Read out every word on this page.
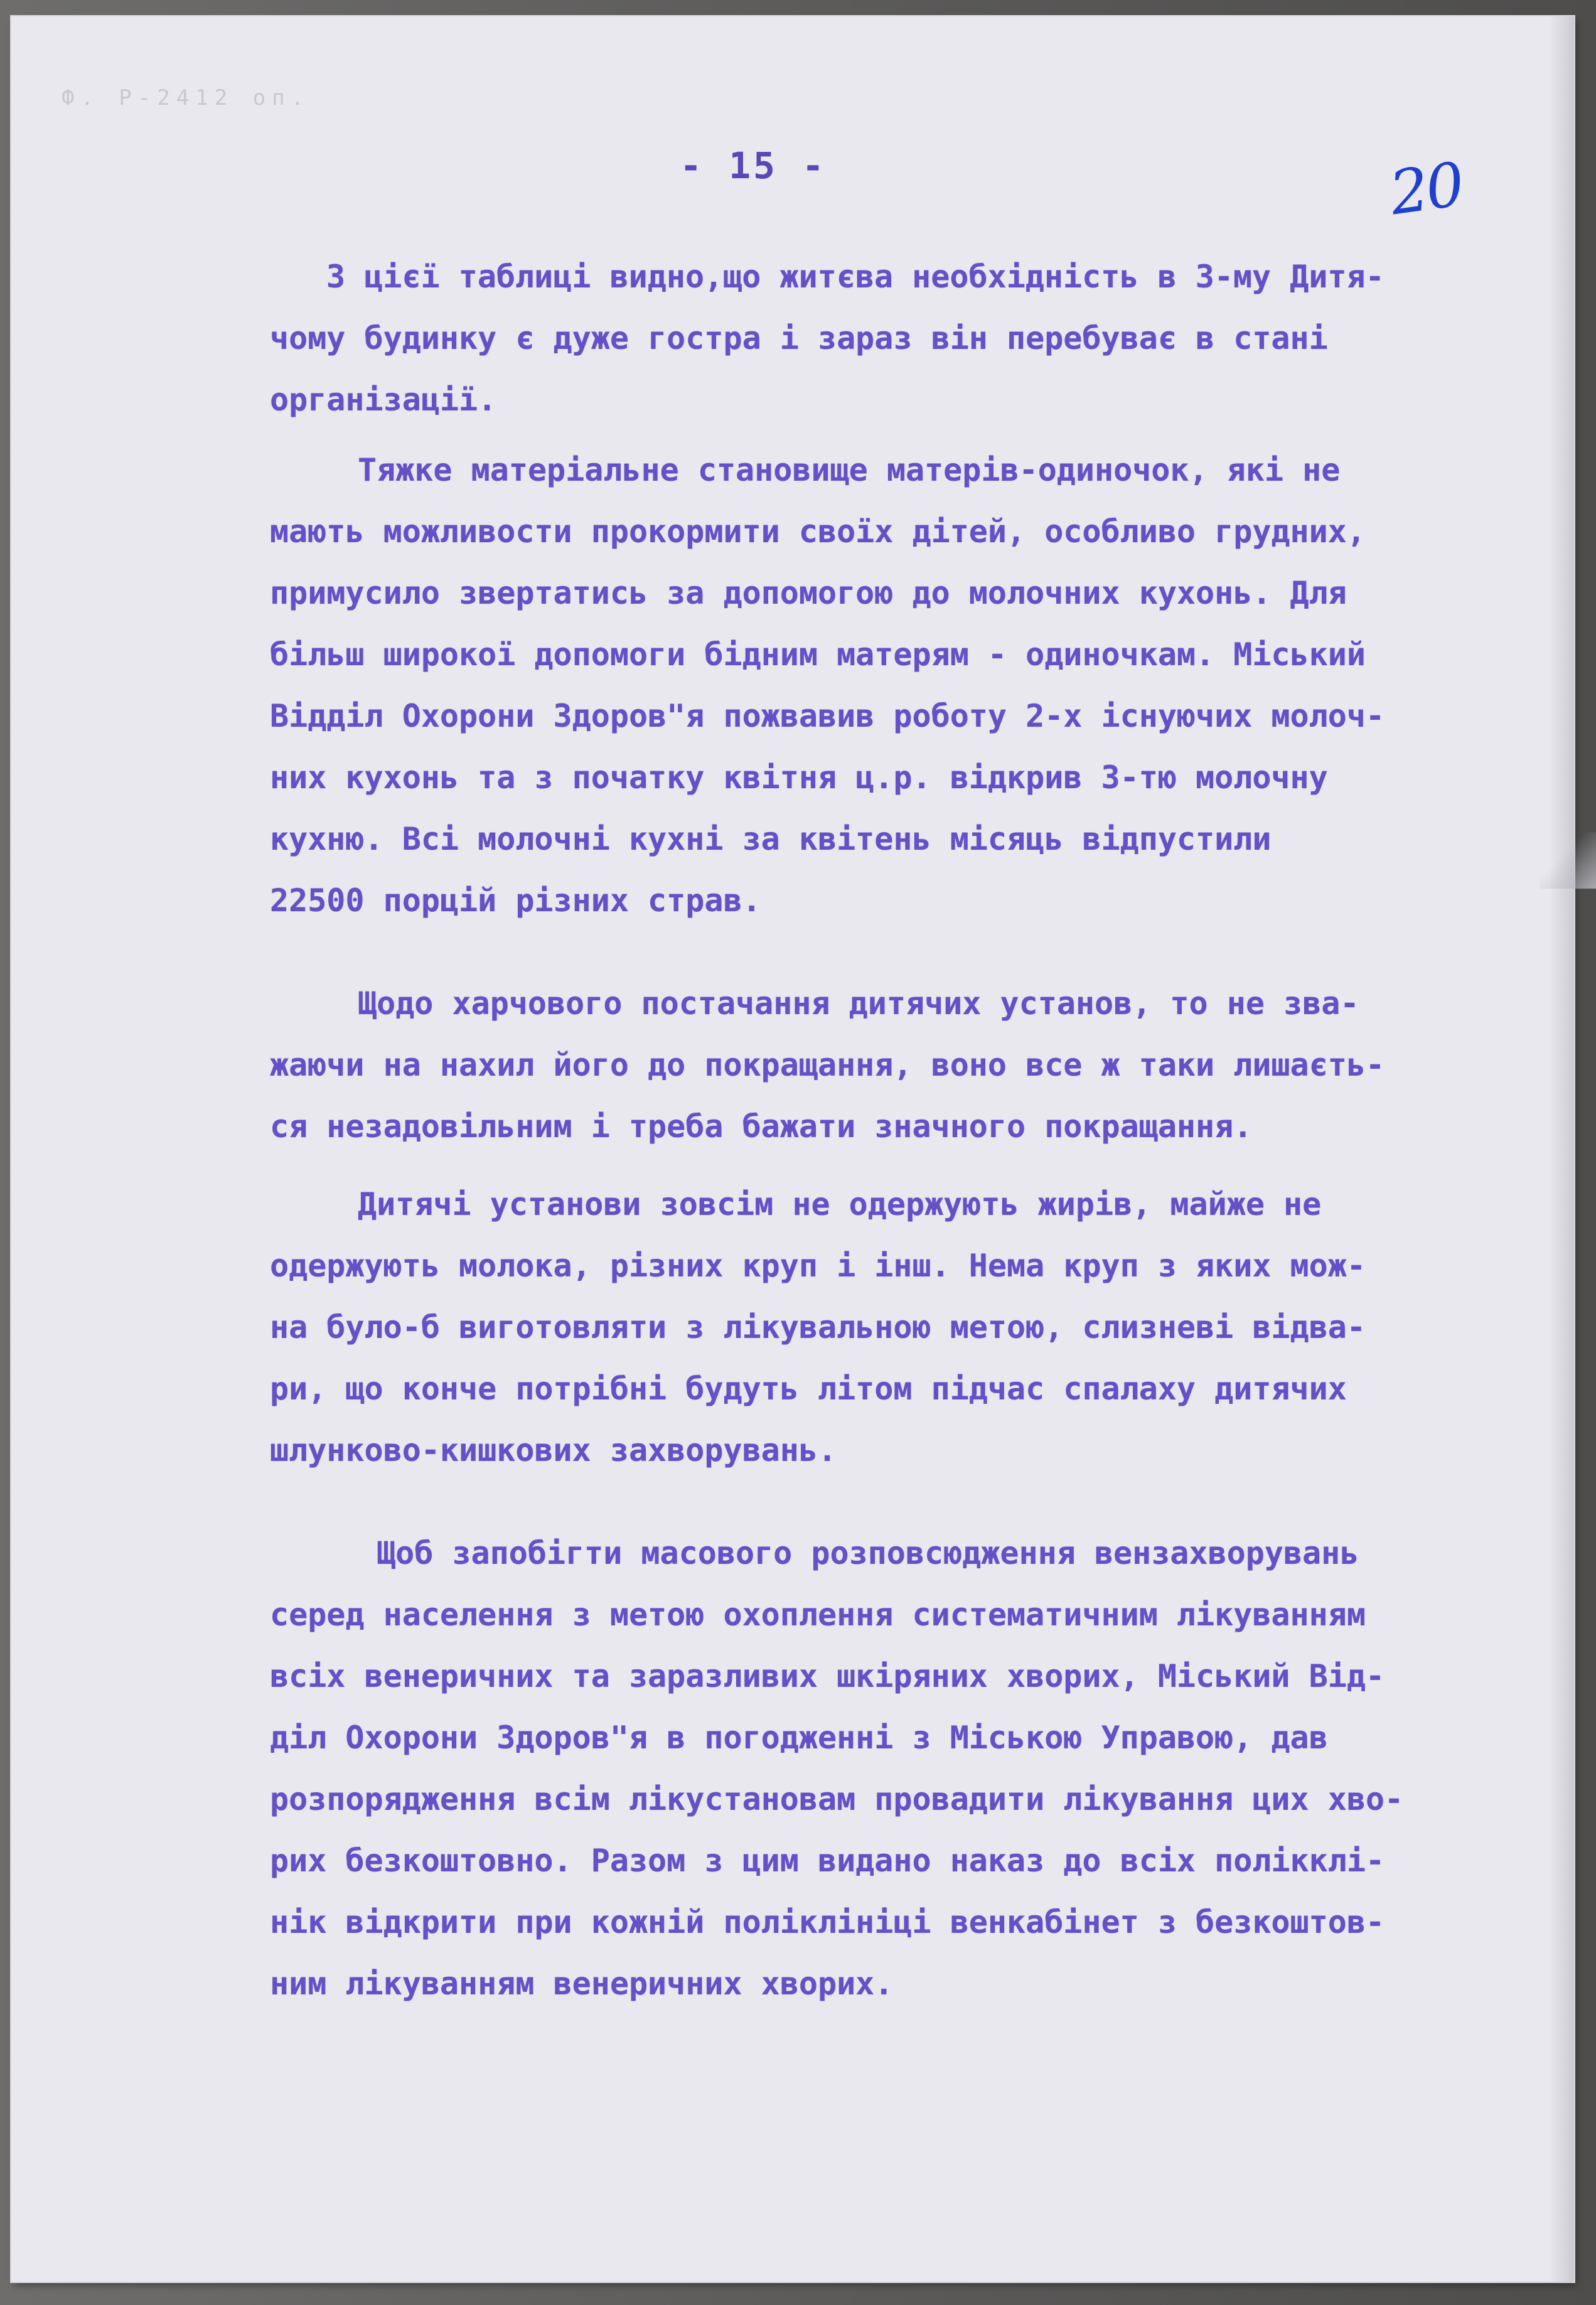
Ф. Р-2412 оп.
- 15 -	20
З цієї таблиці видно,що житєва необхідність в 3-му Дитя-
чому будинку є дуже гостра і зараз він перебуває в стані
організації.
Тяжке матеріальне становище матерів-одиночок, які не
мають можливости прокормити своїх дітей, особливо грудних,
примусило звертатись за допомогою до молочних кухонь. Для
більш широкої допомоги бідним матерям - одиночкам. Міський
Відділ Охорони Здоров"я пожвавив роботу 2-х існуючих молоч-
них кухонь та з початку квітня ц.р. відкрив 3-тю молочну
кухню. Всі молочні кухні за квітень місяць відпустили
22500 порцій різних страв.
Щодо харчового постачання дитячих установ, то не зва-
жаючи на нахил його до покращання, воно все ж таки лишаєть-
ся незадовільним і треба бажати значного покращання.
Дитячі установи зовсім не одержують жирів, майже не
одержують молока, різних круп і інш. Нема круп з яких мож-
на було-б виготовляти з лікувальною метою, слизневі відва-
ри, що конче потрібні будуть літом підчас спалаху дитячих
шлунково-кишкових захворувань.
Щоб запобігти масового розповсюдження вензахворувань
серед населення з метою охоплення систематичним лікуванням
всіх венеричних та заразливих шкіряних хворих, Міський Від-
діл Охорони Здоров"я в погодженні з Міською Управою, дав
розпорядження всім лікустановам провадити лікування цих хво-
рих безкоштовно. Разом з цим видано наказ до всіх полікклі-
нік відкрити при кожній поліклініці венкабінет з безкоштов-
ним лікуванням венеричних хворих.
